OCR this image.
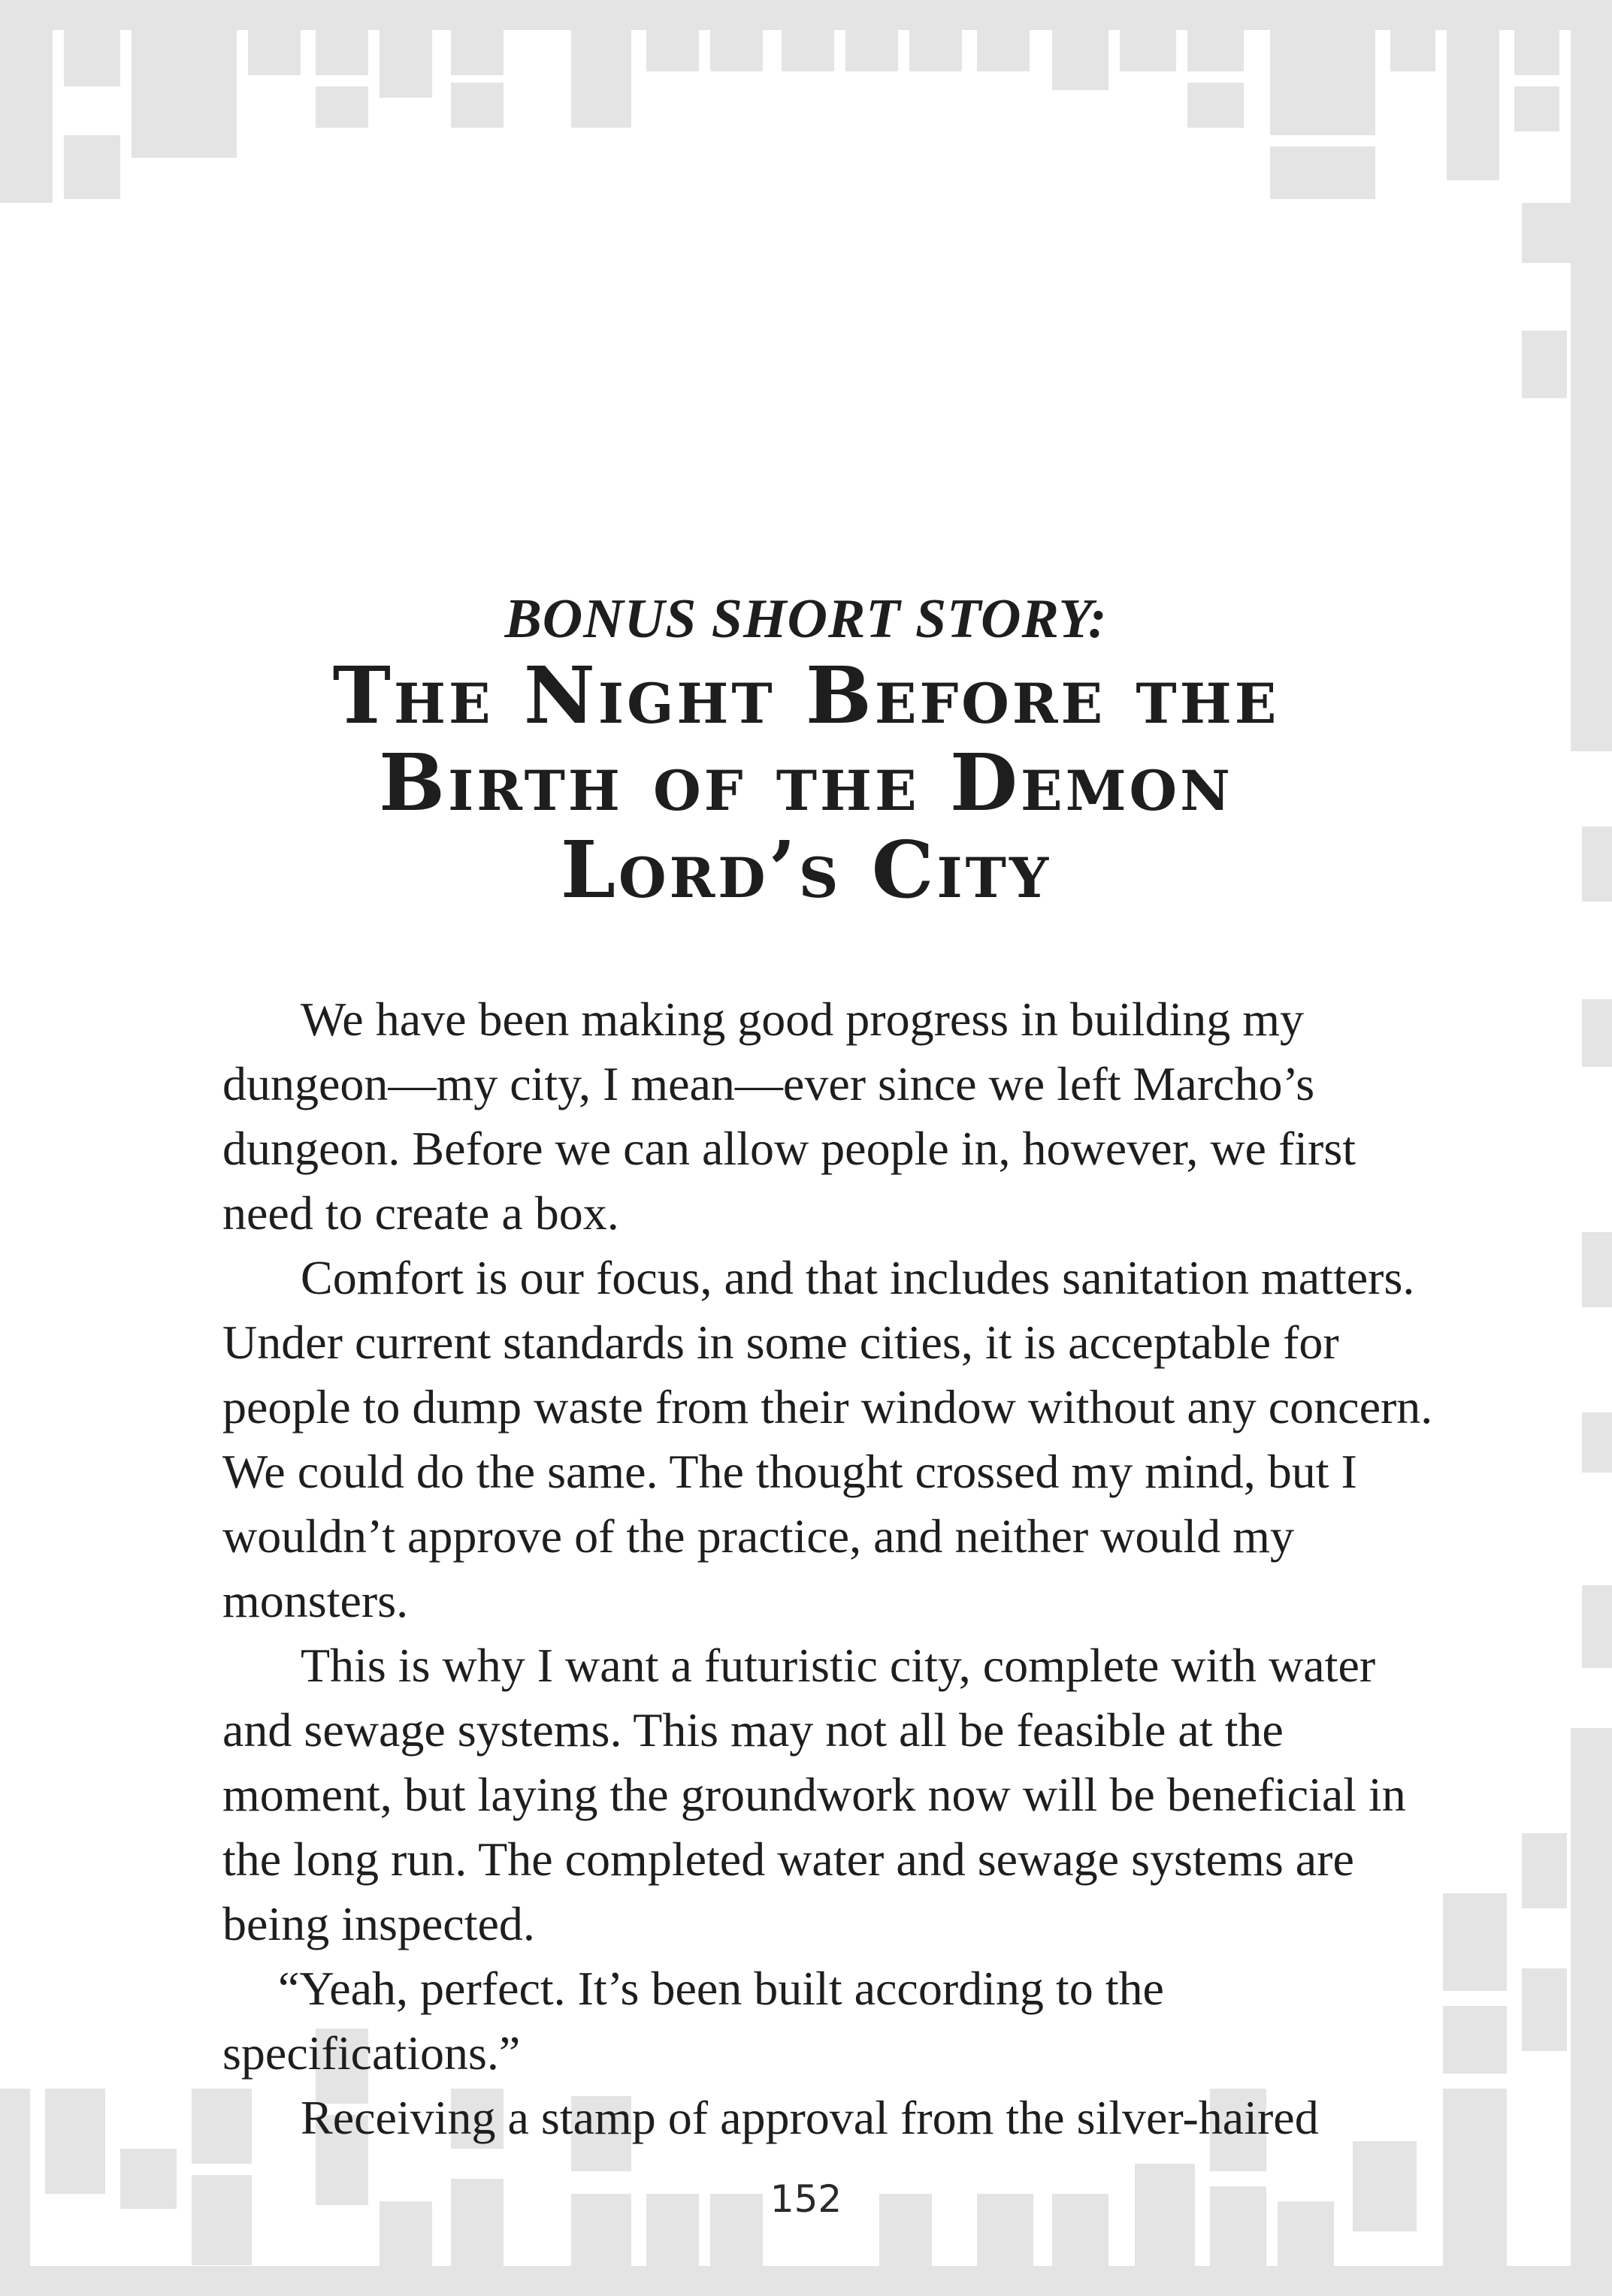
BONUS SHORT STORY:
The Night Before the
Birth of the Demon
Lord’s City

We have been making good progress in building my dungeon—my city, I mean—ever since we left Marcho’s dungeon. Before we can allow people in, however, we first need to create a box.

Comfort is our focus, and that includes sanitation matters. Under current standards in some cities, it is acceptable for people to dump waste from their window without any concern. We could do the same. The thought crossed my mind, but I wouldn’t approve of the practice, and neither would my monsters.

This is why I want a futuristic city, complete with water and sewage systems. This may not all be feasible at the moment, but laying the groundwork now will be beneficial in the long run. The completed water and sewage systems are being inspected.

“Yeah, perfect. It’s been built according to the specifications.”

Receiving a stamp of approval from the silver-haired

152
